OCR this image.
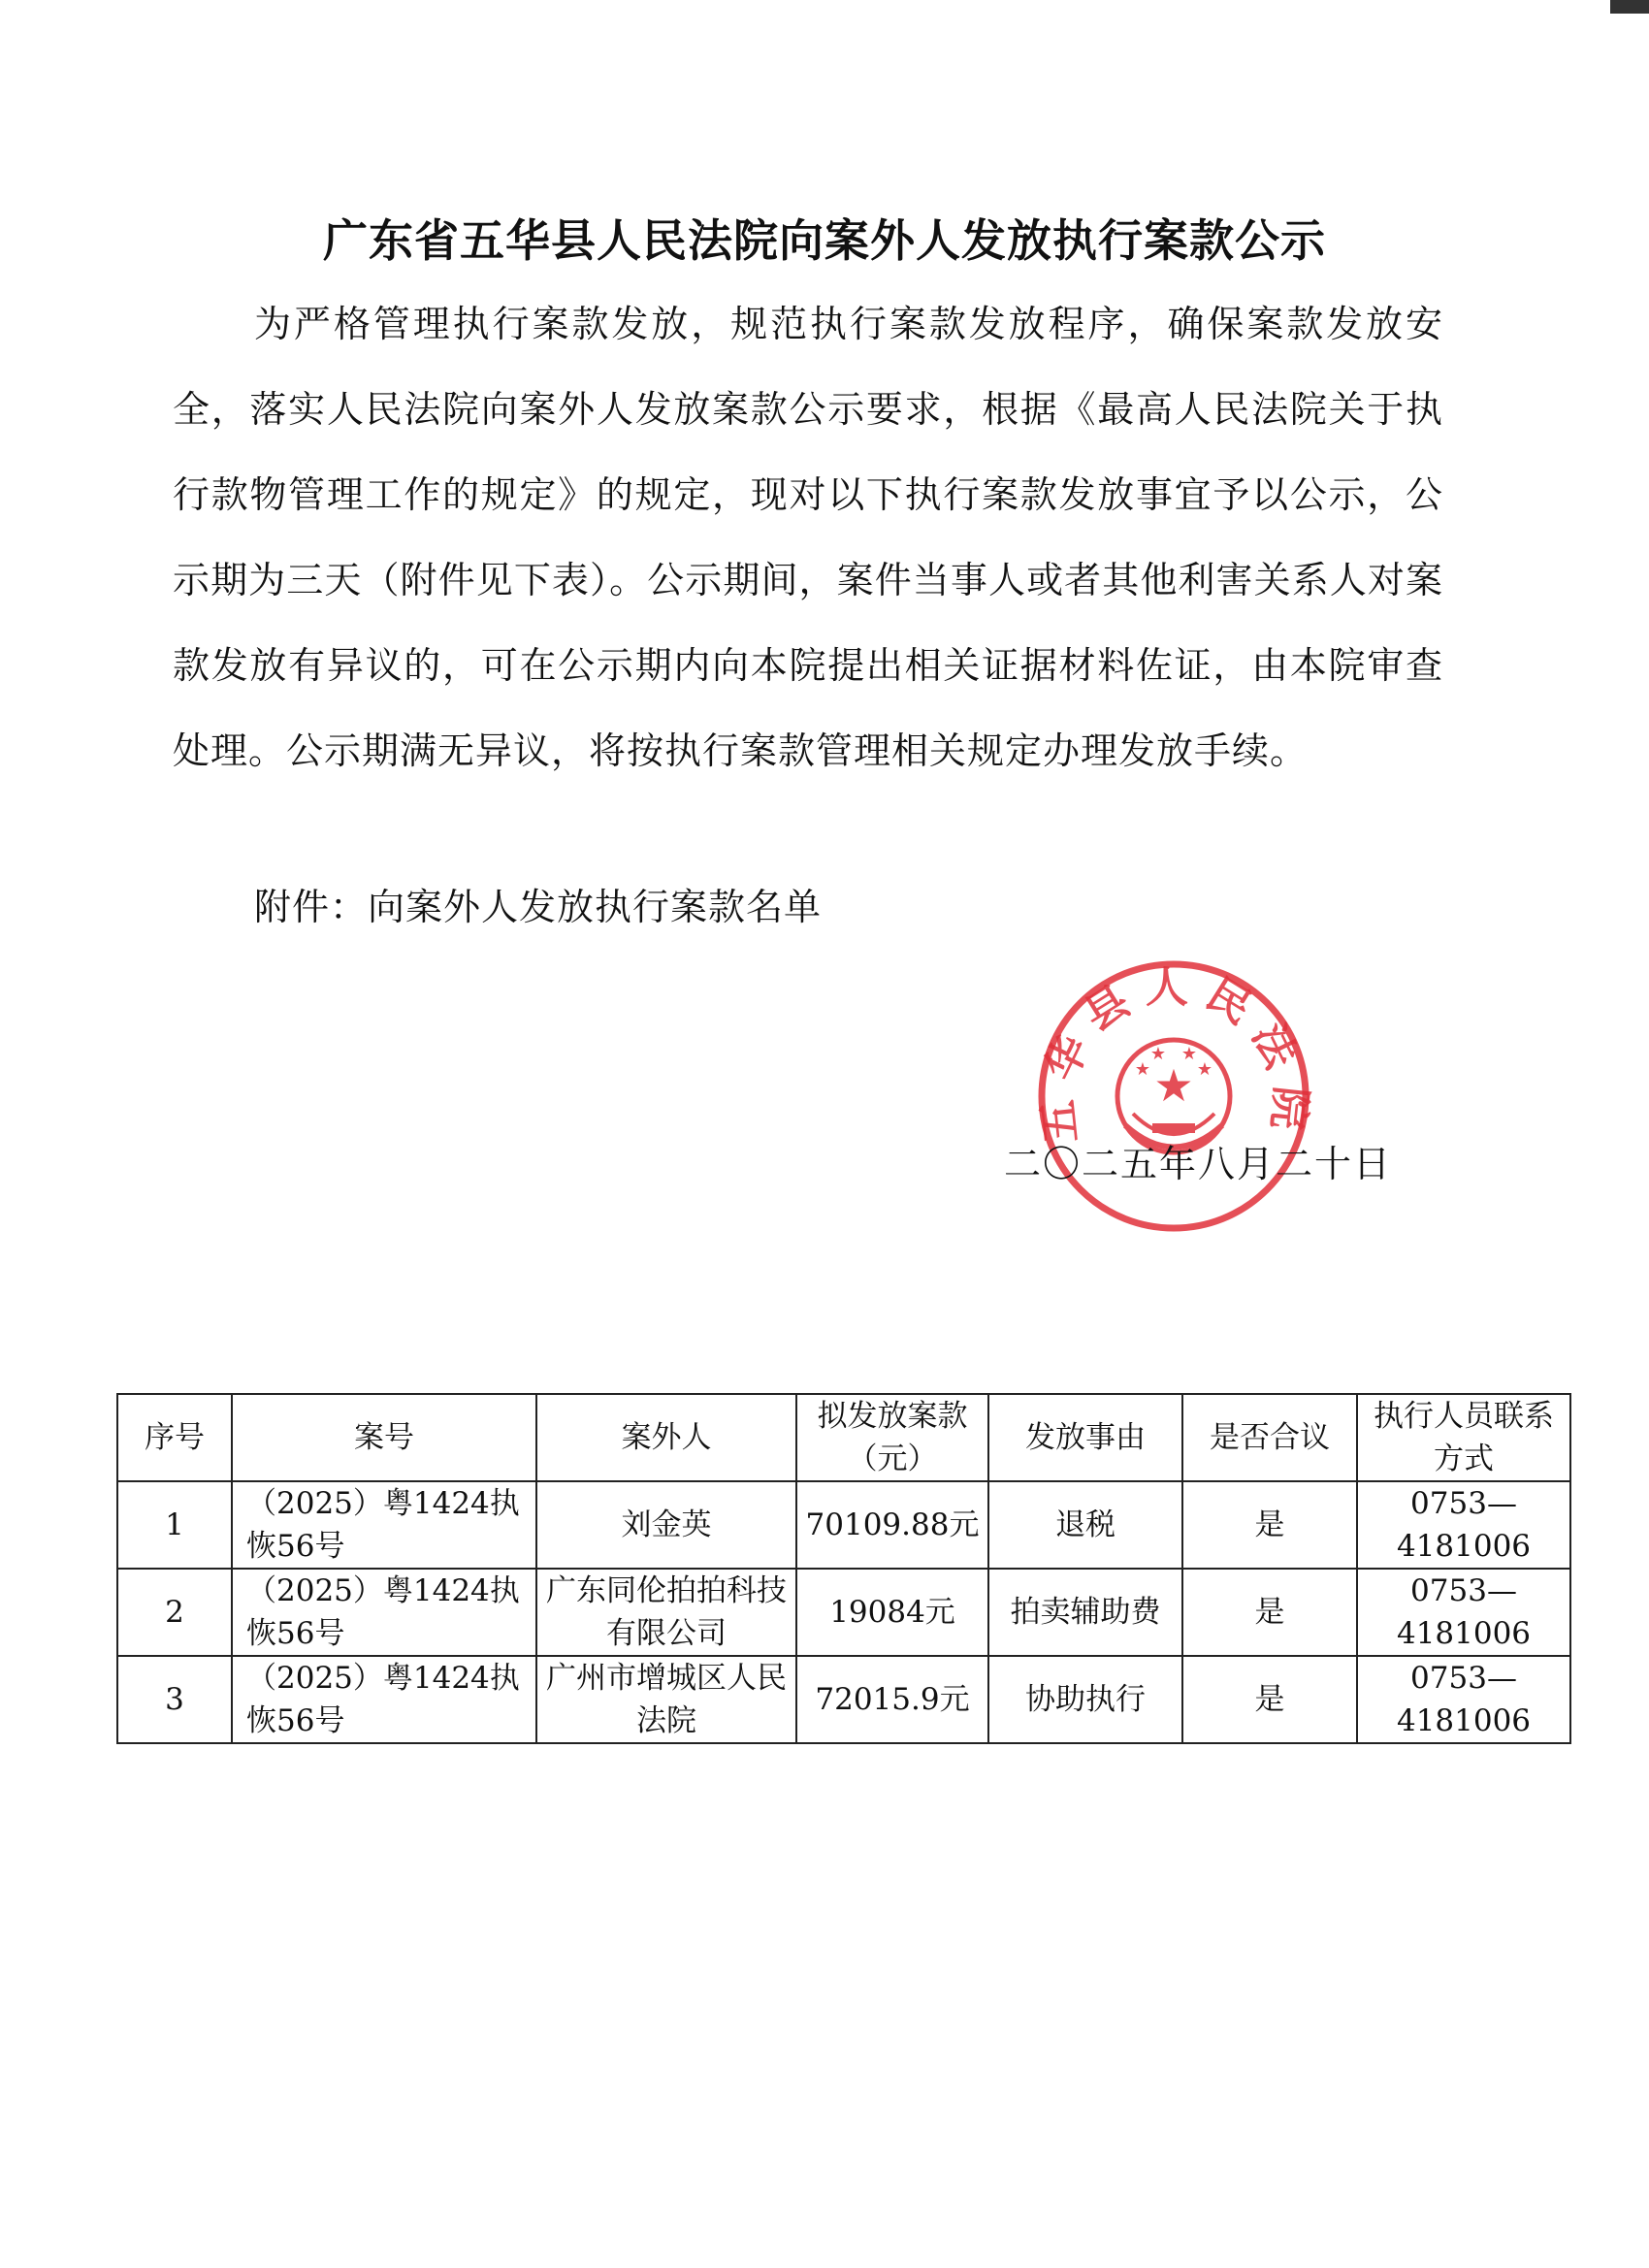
广东省五华县人民法院向案外人发放执行案款公示

为严格管理执行案款发放，规范执行案款发放程序，确保案款发放安全，落实人民法院向案外人发放案款公示要求，根据《最高人民法院关于执行款物管理工作的规定》的规定，现对以下执行案款发放事宜予以公示，公示期为三天（附件见下表）。公示期间，案件当事人或者其他利害关系人对案款发放有异议的，可在公示期内向本院提出相关证据材料佐证，由本院审查处理。公示期满无异议，将按执行案款管理相关规定办理发放手续。

附件：向案外人发放执行案款名单

五华县人民法院
★
★
★ ★
★
二〇二五年八月二十日
序号	案号	案外人	拟发放案款（元）	发放事由	是否合议	执行人员联系方式
1	（2025）粤1424执恢56号	刘金英	70109.88元	退税	是	0753—4181006
2	（2025）粤1424执恢56号	广东同伦拍拍科技有限公司	19084元	拍卖辅助费	是	0753—4181006
3	（2025）粤1424执恢56号	广州市增城区人民法院	72015.9元	协助执行	是	0753—4181006
